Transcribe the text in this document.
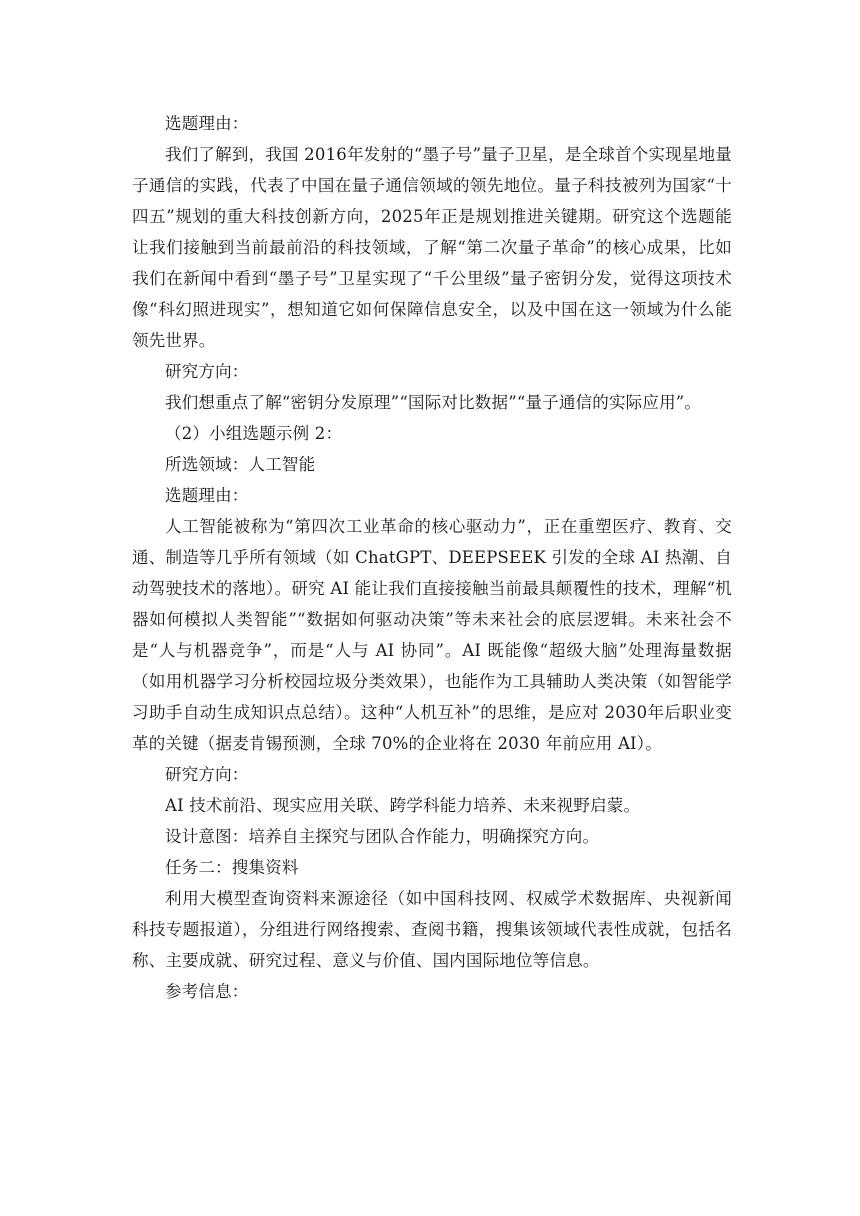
选题理由：

我们了解到，我国 2016年发射的“墨子号”量子卫星，是全球首个实现星地量子通信的实践，代表了中国在量子通信领域的领先地位。量子科技被列为国家“十四五”规划的重大科技创新方向，2025年正是规划推进关键期。研究这个选题能让我们接触到当前最前沿的科技领域，了解“第二次量子革命”的核心成果，比如我们在新闻中看到“墨子号”卫星实现了“千公里级”量子密钥分发，觉得这项技术像“科幻照进现实”，想知道它如何保障信息安全，以及中国在这一领域为什么能领先世界。

研究方向：

我们想重点了解“密钥分发原理”“国际对比数据”“量子通信的实际应用”。

（2）小组选题示例 2：

所选领域：人工智能

选题理由：

人工智能被称为“第四次工业革命的核心驱动力”，正在重塑医疗、教育、交通、制造等几乎所有领域（如 ChatGPT、DEEPSEEK 引发的全球 AI 热潮、自动驾驶技术的落地）。研究 AI 能让我们直接接触当前最具颠覆性的技术，理解“机器如何模拟人类智能”“数据如何驱动决策”等未来社会的底层逻辑。未来社会不是“人与机器竞争”，而是“人与 AI 协同”。AI 既能像“超级大脑”处理海量数据（如用机器学习分析校园垃圾分类效果），也能作为工具辅助人类决策（如智能学习助手自动生成知识点总结）。这种“人机互补”的思维，是应对 2030年后职业变革的关键（据麦肯锡预测，全球 70%的企业将在 2030 年前应用 AI）。

研究方向：

AI 技术前沿、现实应用关联、跨学科能力培养、未来视野启蒙。

设计意图：培养自主探究与团队合作能力，明确探究方向。

任务二：搜集资料

利用大模型查询资料来源途径（如中国科技网、权威学术数据库、央视新闻科技专题报道），分组进行网络搜索、查阅书籍，搜集该领域代表性成就，包括名称、主要成就、研究过程、意义与价值、国内国际地位等信息。

参考信息：
